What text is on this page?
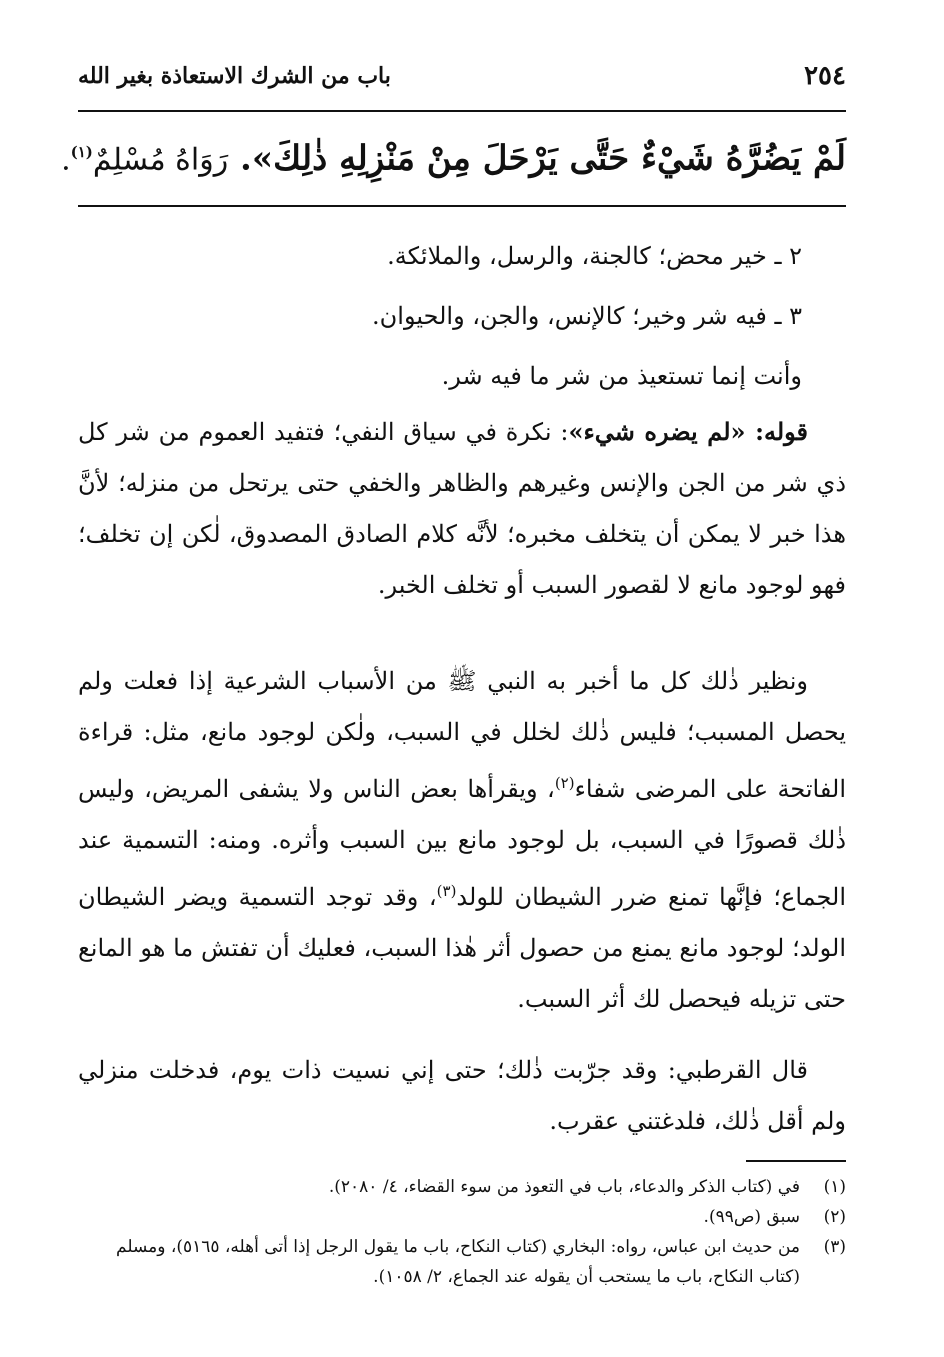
٢٥٤
باب من الشرك الاستعاذة بغير الله
لَمْ يَضُرَّهُ شَيْءٌ حَتَّى يَرْحَلَ مِنْ مَنْزِلِهِ ذٰلِكَ». رَوَاهُ مُسْلِمٌ$^{(١)}$.

٢ ـ خير محض؛ كالجنة، والرسل، والملائكة.

٣ ـ فيه شر وخير؛ كالإنس، والجن، والحيوان.

وأنت إنما تستعيذ من شر ما فيه شر.

قوله: «لم يضره شيء»: نكرة في سياق النفي؛ فتفيد العموم من شر كل ذي شر من الجن والإنس وغيرهم والظاهر والخفي حتى يرتحل من منزله؛ لأنَّ هذا خبر لا يمكن أن يتخلف مخبره؛ لأنَّه كلام الصادق المصدوق، لٰكن إن تخلف؛ فهو لوجود مانع لا لقصور السبب أو تخلف الخبر.

ونظير ذٰلك كل ما أخبر به النبي ﷺ من الأسباب الشرعية إذا فعلت ولم يحصل المسبب؛ فليس ذٰلك لخلل في السبب، ولٰكن لوجود مانع، مثل: قراءة الفاتحة على المرضى شفاء$^{(٢)}$، ويقرأها بعض الناس ولا يشفى المريض، وليس ذٰلك قصورًا في السبب، بل لوجود مانع بين السبب وأثره. ومنه: التسمية عند الجماع؛ فإنَّها تمنع ضرر الشيطان للولد$^{(٣)}$، وقد توجد التسمية ويضر الشيطان الولد؛ لوجود مانع يمنع من حصول أثر هٰذا السبب، فعليك أن تفتش ما هو المانع حتى تزيله فيحصل لك أثر السبب.

قال القرطبي: وقد جرّبت ذٰلك؛ حتى إني نسيت ذات يوم، فدخلت منزلي ولم أقل ذٰلك، فلدغتني عقرب.

(١)
في (كتاب الذكر والدعاء، باب في التعوذ من سوء القضاء، ٤/ ٢٠٨٠).
(٢)
سبق (ص٩٩).
(٣)
من حديث ابن عباس، رواه: البخاري (كتاب النكاح، باب ما يقول الرجل إذا أتى أهله، ٥١٦٥)، ومسلم (كتاب النكاح، باب ما يستحب أن يقوله عند الجماع، ٢/ ١٠٥٨).
